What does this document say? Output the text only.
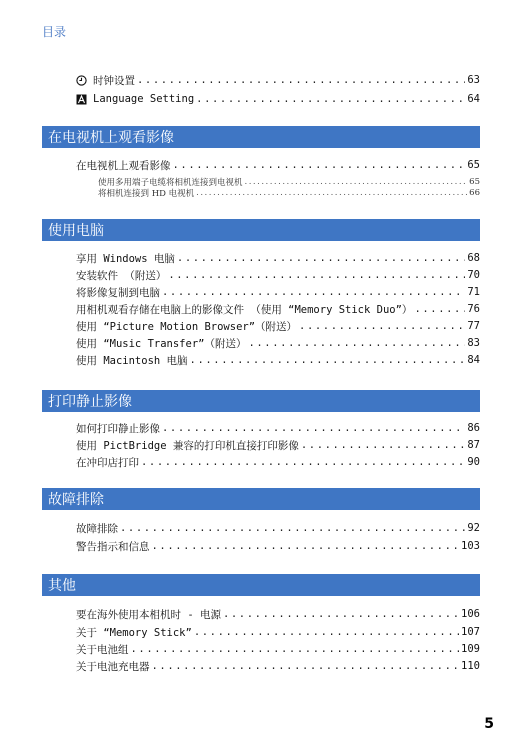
目录
时钟设置 .....	63
Language Setting .....	64
在电视机上观看影像
在电视机上观看影像 .....	65
使用多用端子电缆将相机连接到电视机 .....	65
将相机连接到 HD 电视机 .....	66
使用电脑
享用 Windows 电脑 .....	68
安装软件 （附送） .....	70
将影像复制到电脑 .....	71
用相机观看存储在电脑上的影像文件 （使用 “Memory Stick Duo”） .....	76
使用 “Picture Motion Browser”（附送） .....	77
使用 “Music Transfer”（附送） .....	83
使用 Macintosh 电脑 .....	84
打印静止影像
如何打印静止影像 .....	86
使用 PictBridge 兼容的打印机直接打印影像 .....	87
在冲印店打印 .....	90
故障排除
故障排除 .....	92
警告指示和信息 .....	103
其他
要在海外使用本相机时 - 电源 .....	106
关于 “Memory Stick” .....	107
关于电池组 .....	109
关于电池充电器 .....	110
5
